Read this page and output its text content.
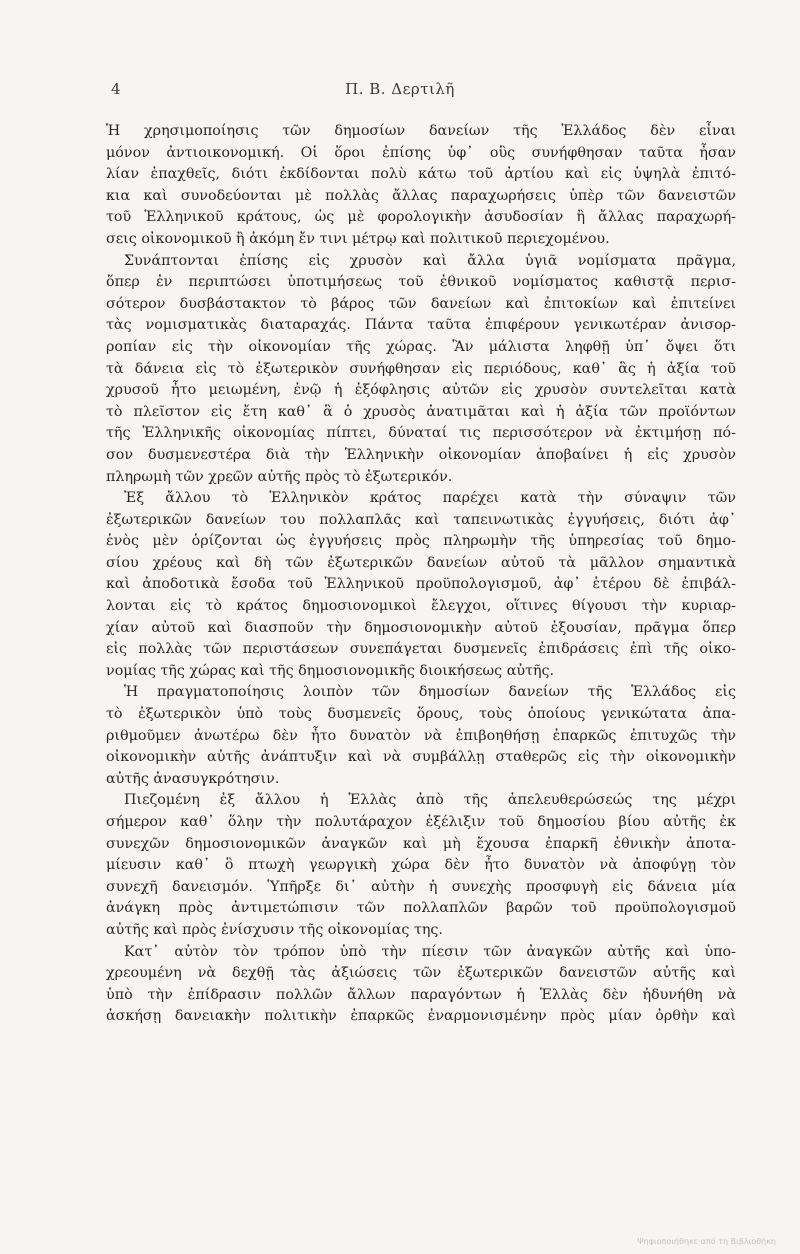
4	Π. Β. Δερτιλῆ
Ἡ χρησιμοποίησις τῶν δημοσίων δανείων τῆς Ἑλλάδος δὲν εἶναι
μόνον ἀντιοικονομική. Οἱ ὅροι ἐπίσης ὑφ᾽ οὓς συνήφθησαν ταῦτα ἦσαν
λίαν ἐπαχθεῖς, διότι ἐκδίδονται πολὺ κάτω τοῦ ἀρτίου καὶ εἰς ὑψηλὰ ἐπιτό-
κια καὶ συνοδεύονται μὲ πολλὰς ἄλλας παραχωρήσεις ὑπὲρ τῶν δανειστῶν
τοῦ Ἑλληνικοῦ κράτους, ὡς μὲ φορολογικὴν ἀσυδοσίαν ἢ ἄλλας παραχωρή-
σεις οἰκονομικοῦ ἢ ἀκόμη ἔν τινι μέτρῳ καὶ πολιτικοῦ περιεχομένου.
Συνάπτονται ἐπίσης εἰς χρυσὸν καὶ ἄλλα ὑγιᾶ νομίσματα πρᾶγμα,
ὅπερ ἐν περιπτώσει ὑποτιμήσεως τοῦ ἐθνικοῦ νομίσματος καθιστᾷ περισ-
σότερον δυσβάστακτον τὸ βάρος τῶν δανείων καὶ ἐπιτοκίων καὶ ἐπιτείνει
τὰς νομισματικὰς διαταραχάς. Πάντα ταῦτα ἐπιφέρουν γενικωτέραν ἀνισορ-
ροπίαν εἰς τὴν οἰκονομίαν τῆς χώρας. Ἂν μάλιστα ληφθῇ ὑπ᾽ ὄψει ὅτι
τὰ δάνεια εἰς τὸ ἐξωτερικὸν συνήφθησαν εἰς περιόδους, καθ᾽ ἃς ἡ ἀξία τοῦ
χρυσοῦ ἦτο μειωμένη, ἐνῷ ἡ ἐξόφλησις αὐτῶν εἰς χρυσὸν συντελεῖται κατὰ
τὸ πλεῖστον εἰς ἔτη καθ᾽ ἃ ὁ χρυσὸς ἀνατιμᾶται καὶ ἡ ἀξία τῶν προϊόντων
τῆς Ἑλληνικῆς οἰκονομίας πίπτει, δύναταί τις περισσότερον νὰ ἐκτιμήσῃ πό-
σον δυσμενεστέρα διὰ τὴν Ἑλληνικὴν οἰκονομίαν ἀποβαίνει ἡ εἰς χρυσὸν
πληρωμὴ τῶν χρεῶν αὐτῆς πρὸς τὸ ἐξωτερικόν.
Ἐξ ἄλλου τὸ Ἑλληνικὸν κράτος παρέχει κατὰ τὴν σύναψιν τῶν
ἐξωτερικῶν δανείων του πολλαπλᾶς καὶ ταπεινωτικὰς ἐγγυήσεις, διότι ἀφ᾽
ἑνὸς μὲν ὁρίζονται ὡς ἐγγυήσεις πρὸς πληρωμὴν τῆς ὑπηρεσίας τοῦ δημο-
σίου χρέους καὶ δὴ τῶν ἐξωτερικῶν δανείων αὐτοῦ τὰ μᾶλλον σημαντικὰ
καὶ ἀποδοτικὰ ἔσοδα τοῦ Ἑλληνικοῦ προϋπολογισμοῦ, ἀφ᾽ ἑτέρου δὲ ἐπιβάλ-
λονται εἰς τὸ κράτος δημοσιονομικοὶ ἔλεγχοι, οἵτινες θίγουσι τὴν κυριαρ-
χίαν αὐτοῦ καὶ διασποῦν τὴν δημοσιονομικὴν αὐτοῦ ἐξουσίαν, πρᾶγμα ὅπερ
εἰς πολλὰς τῶν περιστάσεων συνεπάγεται δυσμενεῖς ἐπιδράσεις ἐπὶ τῆς οἰκο-
νομίας τῆς χώρας καὶ τῆς δημοσιονομικῆς διοικήσεως αὐτῆς.
Ἡ πραγματοποίησις λοιπὸν τῶν δημοσίων δανείων τῆς Ἑλλάδος εἰς
τὸ ἐξωτερικὸν ὑπὸ τοὺς δυσμενεῖς ὅρους, τοὺς ὁποίους γενικώτατα ἀπα-
ριθμοῦμεν ἀνωτέρω δὲν ἦτο δυνατὸν νὰ ἐπιβοηθήσῃ ἐπαρκῶς ἐπιτυχῶς τὴν
οἰκονομικὴν αὐτῆς ἀνάπτυξιν καὶ νὰ συμβάλλῃ σταθερῶς εἰς τὴν οἰκονομικὴν
αὐτῆς ἀνασυγκρότησιν.
Πιεζομένη ἐξ ἄλλου ἡ Ἑλλὰς ἀπὸ τῆς ἀπελευθερώσεώς της μέχρι
σήμερον καθ᾽ ὅλην τὴν πολυτάραχον ἐξέλιξιν τοῦ δημοσίου βίου αὐτῆς ἐκ
συνεχῶν δημοσιονομικῶν ἀναγκῶν καὶ μὴ ἔχουσα ἐπαρκῆ ἐθνικὴν ἀποτα-
μίευσιν καθ᾽ ὃ πτωχὴ γεωργικὴ χώρα δὲν ἦτο δυνατὸν νὰ ἀποφύγῃ τὸν
συνεχῆ δανεισμόν. Ὑπῆρξε δι᾽ αὐτὴν ἡ συνεχὴς προσφυγὴ εἰς δάνεια μία
ἀνάγκη πρὸς ἀντιμετώπισιν τῶν πολλαπλῶν βαρῶν τοῦ προϋπολογισμοῦ
αὐτῆς καὶ πρὸς ἐνίσχυσιν τῆς οἰκονομίας της.
Κατ᾽ αὐτὸν τὸν τρόπον ὑπὸ τὴν πίεσιν τῶν ἀναγκῶν αὐτῆς καὶ ὑπο-
χρεουμένη νὰ δεχθῇ τὰς ἀξιώσεις τῶν ἐξωτερικῶν δανειστῶν αὐτῆς καὶ
ὑπὸ τὴν ἐπίδρασιν πολλῶν ἄλλων παραγόντων ἡ Ἑλλὰς δὲν ἠδυνήθη νὰ
ἀσκήσῃ δανειακὴν πολιτικὴν ἐπαρκῶς ἐναρμονισμένην πρὸς μίαν ὀρθὴν καὶ
Ψηφιοποιήθηκε από τη Βιβλιοθήκη
